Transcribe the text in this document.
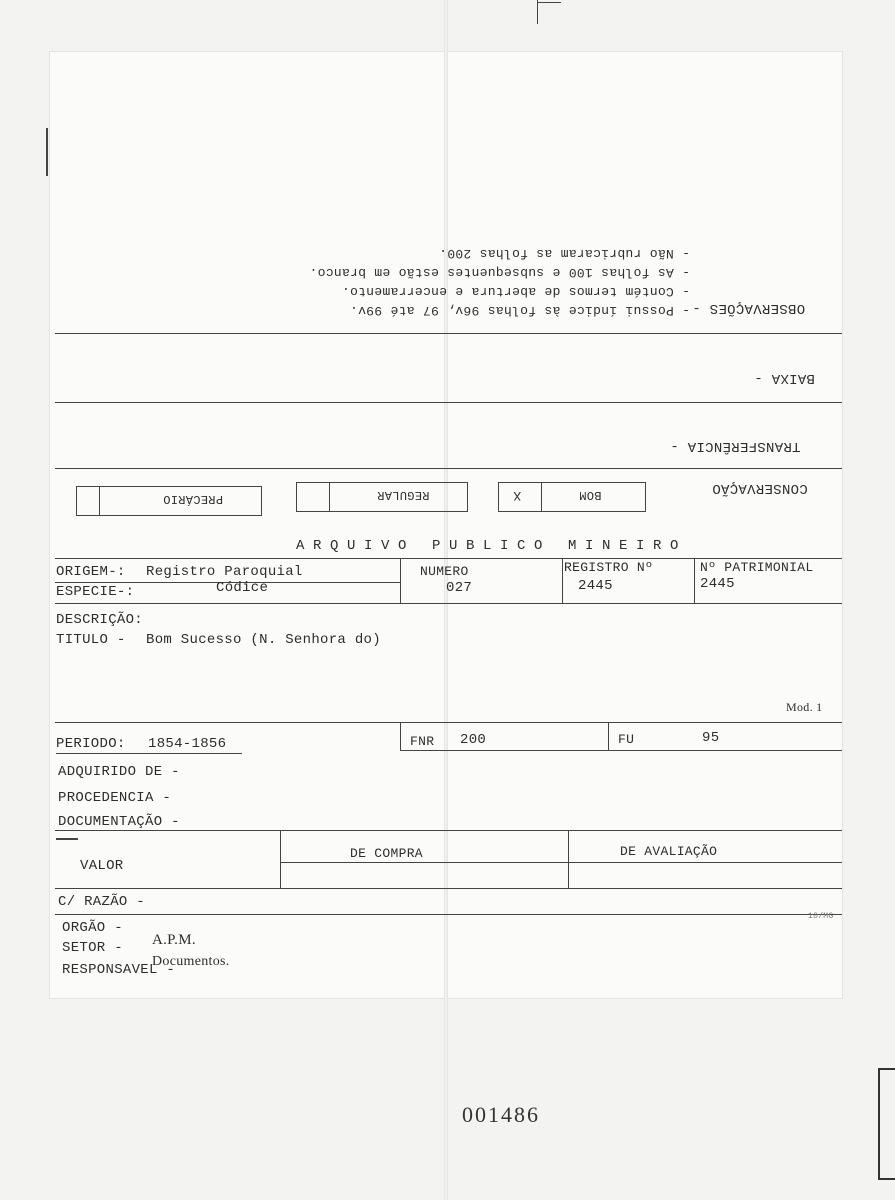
- Possui índice às folhas 96v, 97 até 99v.
- Contém termos de abertura e encerramento.
- As folhas 100 e subsequentes estão em branco.
- Não rubricaram as folhas 200.
OBSERVAÇÕES -
BAIXA -
TRANSFERÊNCIA -
CONSERVAÇÃO
X	BOM
REGULAR
PRECÁRIO
ARQUIVO PUBLICO MINEIRO
ORIGEM-: Registro Paroquial
ESPECIE-:	Códice
NUMERO
027
REGISTRO Nº
2445
Nº PATRIMONIAL
2445
DESCRIÇÃO:
TITULO - Bom Sucesso (N. Senhora do)
Mod. 1
PERIODO: 1854-1856	FNR 200	FU	95
ADQUIRIDO DE -
PROCEDENCIA -
DOCUMENTAÇÃO -
VALOR
DE COMPRA	DE AVALIAÇÃO
C/ RAZÃO -
10/MG
ORGÃO -
SETOR - A.P.M.
RESPONSAVEL -
Documentos.
001486
